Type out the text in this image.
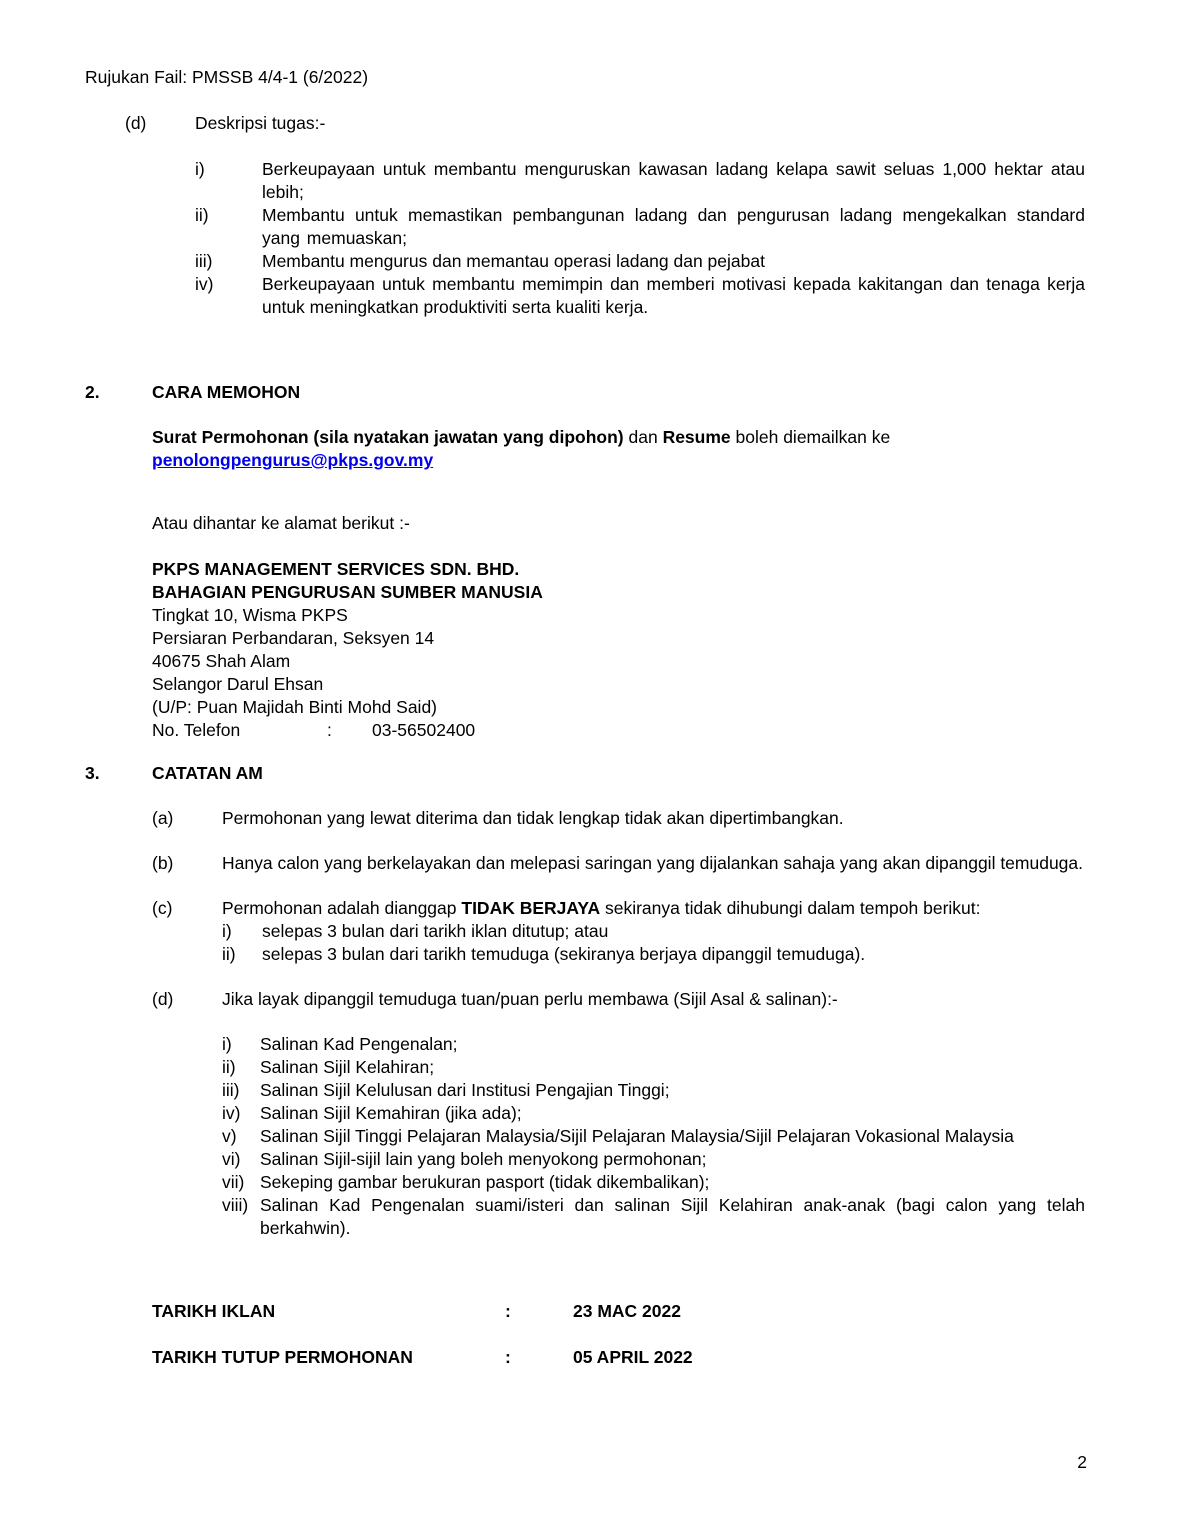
Rujukan Fail: PMSSB 4/4-1 (6/2022)
(d)	Deskripsi tugas:-
i)	Berkeupayaan untuk membantu menguruskan kawasan ladang kelapa sawit seluas 1,000 hektar atau lebih;
ii)	Membantu untuk memastikan pembangunan ladang dan pengurusan ladang mengekalkan standard yang memuaskan;
iii)	Membantu mengurus dan memantau operasi ladang dan pejabat
iv)	Berkeupayaan untuk membantu memimpin dan memberi motivasi kepada kakitangan dan tenaga kerja untuk meningkatkan produktiviti serta kualiti kerja.
2.	CARA MEMOHON
Surat Permohonan (sila nyatakan jawatan yang dipohon) dan Resume boleh diemailkan ke
penolongpengurus@pkps.gov.my
Atau dihantar ke alamat berikut :-
PKPS MANAGEMENT SERVICES SDN. BHD.
BAHAGIAN PENGURUSAN SUMBER MANUSIA
Tingkat 10, Wisma PKPS
Persiaran Perbandaran, Seksyen 14
40675 Shah Alam
Selangor Darul Ehsan
(U/P: Puan Majidah Binti Mohd Said)
No. Telefon	:	03-56502400
3.	CATATAN AM
(a)	Permohonan yang lewat diterima dan tidak lengkap tidak akan dipertimbangkan.
(b)	Hanya calon yang berkelayakan dan melepasi saringan yang dijalankan sahaja yang akan dipanggil temuduga.
(c)	Permohonan adalah dianggap TIDAK BERJAYA sekiranya tidak dihubungi dalam tempoh berikut:
i)	selepas 3 bulan dari tarikh iklan ditutup; atau
ii)	selepas 3 bulan dari tarikh temuduga (sekiranya berjaya dipanggil temuduga).
(d)	Jika layak dipanggil temuduga tuan/puan perlu membawa (Sijil Asal & salinan):-
i)	Salinan Kad Pengenalan;
ii)	Salinan Sijil Kelahiran;
iii)	Salinan Sijil Kelulusan dari Institusi Pengajian Tinggi;
iv)	Salinan Sijil Kemahiran (jika ada);
v)	Salinan Sijil Tinggi Pelajaran Malaysia/Sijil Pelajaran Malaysia/Sijil Pelajaran Vokasional Malaysia
vi)	Salinan Sijil-sijil lain yang boleh menyokong permohonan;
vii) Sekeping gambar berukuran pasport (tidak dikembalikan);
viii) Salinan Kad Pengenalan suami/isteri dan salinan Sijil Kelahiran anak-anak (bagi calon yang telah berkahwin).
TARIKH IKLAN	:	23 MAC 2022
TARIKH TUTUP PERMOHONAN	:	05 APRIL 2022
2
